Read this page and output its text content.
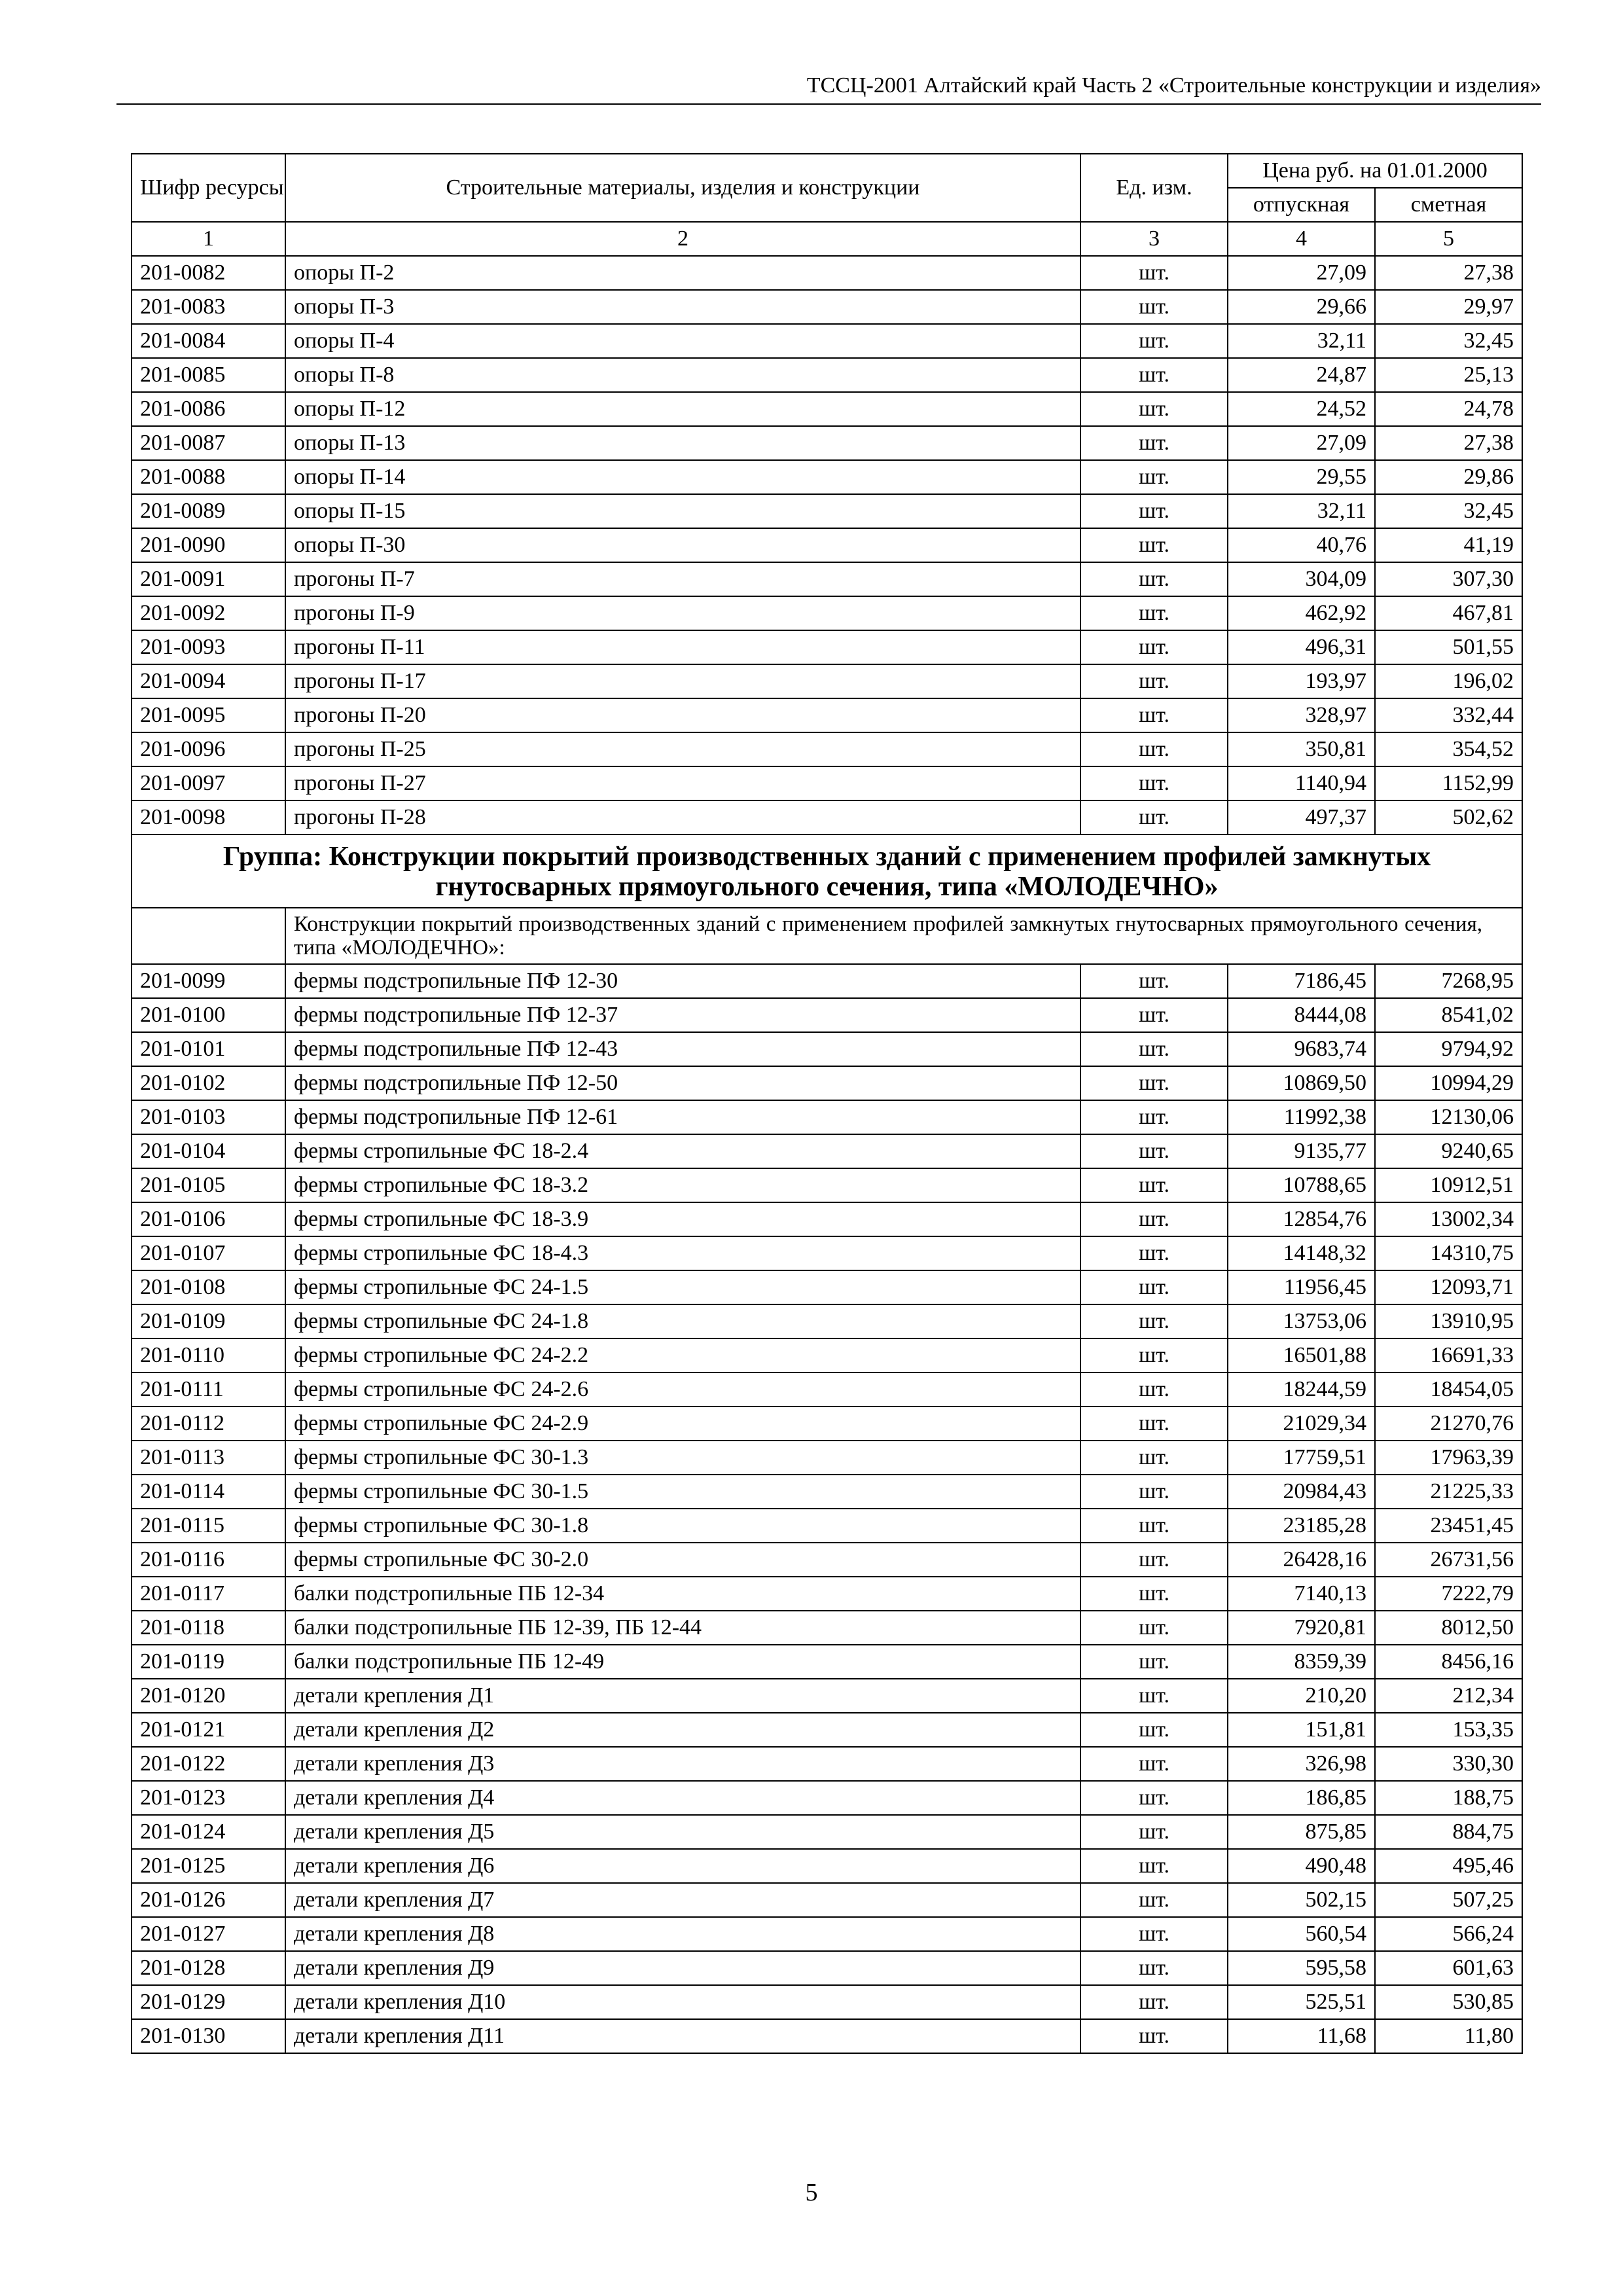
ТССЦ-2001 Алтайский край Часть 2 «Строительные конструкции и изделия»
Шифр ресурсы	Строительные материалы, изделия и конструкции	Ед. изм.	Цена руб. на 01.01.2000	
			отпускная	сметная
1	2	3	4	5
201-0082	опоры П-2	шт.	27,09	27,38
201-0083	опоры П-3	шт.	29,66	29,97
201-0084	опоры П-4	шт.	32,11	32,45
201-0085	опоры П-8	шт.	24,87	25,13
201-0086	опоры П-12	шт.	24,52	24,78
201-0087	опоры П-13	шт.	27,09	27,38
201-0088	опоры П-14	шт.	29,55	29,86
201-0089	опоры П-15	шт.	32,11	32,45
201-0090	опоры П-30	шт.	40,76	41,19
201-0091	прогоны П-7	шт.	304,09	307,30
201-0092	прогоны П-9	шт.	462,92	467,81
201-0093	прогоны П-11	шт.	496,31	501,55
201-0094	прогоны П-17	шт.	193,97	196,02
201-0095	прогоны П-20	шт.	328,97	332,44
201-0096	прогоны П-25	шт.	350,81	354,52
201-0097	прогоны П-27	шт.	1140,94	1152,99
201-0098	прогоны П-28	шт.	497,37	502,62
Группа: Конструкции покрытий производственных зданий с применением профилей замкнутых гнутосварных прямоугольного сечения, типа «МОЛОДЕЧНО»				
	Конструкции покрытий производственных зданий с применением профилей замкнутых гнутосварных прямоугольного сечения, типа «МОЛОДЕЧНО»:			
201-0099	фермы подстропильные ПФ 12-30	шт.	7186,45	7268,95
201-0100	фермы подстропильные ПФ 12-37	шт.	8444,08	8541,02
201-0101	фермы подстропильные ПФ 12-43	шт.	9683,74	9794,92
201-0102	фермы подстропильные ПФ 12-50	шт.	10869,50	10994,29
201-0103	фермы подстропильные ПФ 12-61	шт.	11992,38	12130,06
201-0104	фермы стропильные ФС 18-2.4	шт.	9135,77	9240,65
201-0105	фермы стропильные ФС 18-3.2	шт.	10788,65	10912,51
201-0106	фермы стропильные ФС 18-3.9	шт.	12854,76	13002,34
201-0107	фермы стропильные ФС 18-4.3	шт.	14148,32	14310,75
201-0108	фермы стропильные ФС 24-1.5	шт.	11956,45	12093,71
201-0109	фермы стропильные ФС 24-1.8	шт.	13753,06	13910,95
201-0110	фермы стропильные ФС 24-2.2	шт.	16501,88	16691,33
201-0111	фермы стропильные ФС 24-2.6	шт.	18244,59	18454,05
201-0112	фермы стропильные ФС 24-2.9	шт.	21029,34	21270,76
201-0113	фермы стропильные ФС 30-1.3	шт.	17759,51	17963,39
201-0114	фермы стропильные ФС 30-1.5	шт.	20984,43	21225,33
201-0115	фермы стропильные ФС 30-1.8	шт.	23185,28	23451,45
201-0116	фермы стропильные ФС 30-2.0	шт.	26428,16	26731,56
201-0117	балки подстропильные ПБ 12-34	шт.	7140,13	7222,79
201-0118	балки подстропильные ПБ 12-39, ПБ 12-44	шт.	7920,81	8012,50
201-0119	балки подстропильные ПБ 12-49	шт.	8359,39	8456,16
201-0120	детали крепления Д1	шт.	210,20	212,34
201-0121	детали крепления Д2	шт.	151,81	153,35
201-0122	детали крепления Д3	шт.	326,98	330,30
201-0123	детали крепления Д4	шт.	186,85	188,75
201-0124	детали крепления Д5	шт.	875,85	884,75
201-0125	детали крепления Д6	шт.	490,48	495,46
201-0126	детали крепления Д7	шт.	502,15	507,25
201-0127	детали крепления Д8	шт.	560,54	566,24
201-0128	детали крепления Д9	шт.	595,58	601,63
201-0129	детали крепления Д10	шт.	525,51	530,85
201-0130	детали крепления Д11	шт.	11,68	11,80
5
